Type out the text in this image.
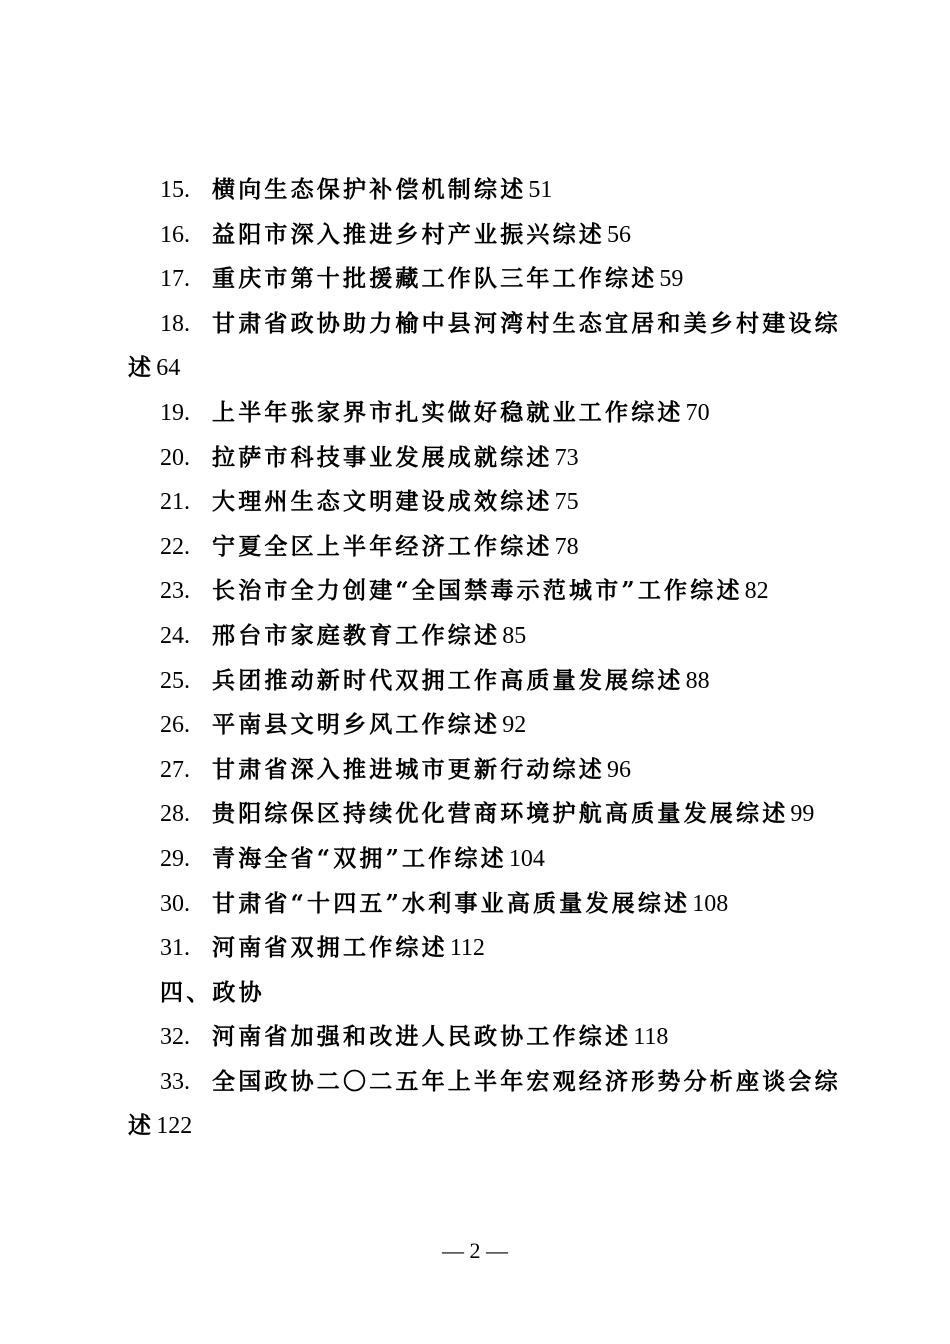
15. 横向生态保护补偿机制综述51
16. 益阳市深入推进乡村产业振兴综述56
17. 重庆市第十批援藏工作队三年工作综述59
18. 甘肃省政协助力榆中县河湾村生态宜居和美乡村建设综
述64
19. 上半年张家界市扎实做好稳就业工作综述70
20. 拉萨市科技事业发展成就综述73
21. 大理州生态文明建设成效综述75
22. 宁夏全区上半年经济工作综述78
23. 长治市全力创建“全国禁毒示范城市”工作综述82
24. 邢台市家庭教育工作综述85
25. 兵团推动新时代双拥工作高质量发展综述88
26. 平南县文明乡风工作综述92
27. 甘肃省深入推进城市更新行动综述96
28. 贵阳综保区持续优化营商环境护航高质量发展综述99
29. 青海全省“双拥”工作综述104
30. 甘肃省“十四五”水利事业高质量发展综述108
31. 河南省双拥工作综述112
四、政协
32. 河南省加强和改进人民政协工作综述118
33. 全国政协二〇二五年上半年宏观经济形势分析座谈会综
述122
— 2 —
